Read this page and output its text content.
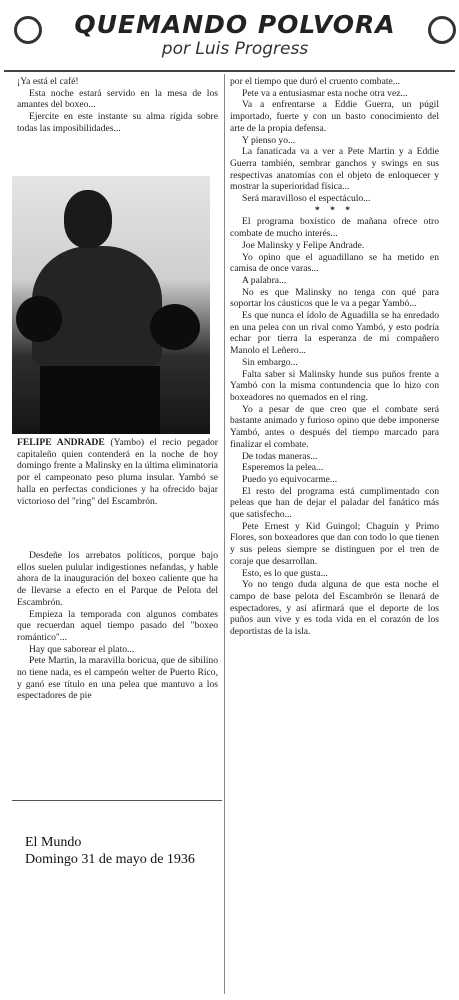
QUEMANDO POLVORA
por Luis Progress

¡Ya está el café!

Esta noche estará servido en la mesa de los amantes del boxeo...

Ejercite en este instante su alma rígida sobre todas las imposibilidades...

FELIPE ANDRADE (Yambo) el recio pegador capitaleño quien contenderá en la noche de hoy domingo frente a Malinsky en la última eliminatoria por el campeonato peso pluma insular. Yambó se halla en perfectas condiciones y ha ofrecido bajar victorioso del "ring" del Escambrón.

Desdeñe los arrebatos políticos, porque bajo ellos suelen pulular indigestiones nefandas, y hable ahora de la inauguración del boxeo caliente que ha de llevarse a efecto en el Parque de Pelota del Escambrón.

Empieza la temporada con algunos combates que recuerdan aquel tiempo pasado del "boxeo romántico"...

Hay que saborear el plato...

Pete Martin, la maravilla boricua, que de sibilino no tiene nada, es el campeón welter de Puerto Rico, y ganó ese título en una pelea que mantuvo a los espectadores de pie

El Mundo
Domingo 31 de mayo de 1936

por el tiempo que duró el cruento combate...

Pete va a entusiasmar esta noche otra vez...

Va a enfrentarse a Eddie Guerra, un púgil importado, fuerte y con un basto conocimiento del arte de la propia defensa.

Y pienso yo...

La fanaticada va a ver a Pete Martin y a Eddie Guerra también, sembrar ganchos y swings en sus respectivas anatomías con el objeto de enloquecer y mostrar la superioridad física...

Será maravilloso el espectáculo...

* * *

El programa boxístico de mañana ofrece otro combate de mucho interés...

Joe Malinsky y Felipe Andrade.

Yo opino que el aguadillano se ha metido en camisa de once varas...

A palabra...

No es que Malinsky no tenga con qué para soportar los cáusticos que le va a pegar Yambó...

Es que nunca el ídolo de Aguadilla se ha enredado en una pelea con un rival como Yambó, y esto podría echar por tierra la esperanza de mi compañero Manolo el Leñero...

Sin embargo...

Falta saber si Malinsky hunde sus puños frente a Yambó con la misma contundencia que lo hizo con boxeadores no quemados en el ring.

Yo a pesar de que creo que el combate será bastante animado y furioso opino que debe imponerse Yambó, antes o después del tiempo marcado para finalizar el combate.

De todas maneras...

Esperemos la pelea...

Puedo yo equivocarme...

El resto del programa está cumplimentado con peleas que han de dejar el paladar del fanático más que satisfecho...

Pete Ernest y Kid Guingol; Chaguín y Primo Flores, son boxeadores que dan con todo lo que tienen y sus peleas siempre se distinguen por el tren de coraje que desarrollan.

Esto, es lo que gusta...

Yo no tengo duda alguna de que esta noche el campo de base pelota del Escambrón se llenará de espectadores, y así afirmará que el deporte de los puños aun vive y es toda vida en el corazón de los deportistas de la isla.
